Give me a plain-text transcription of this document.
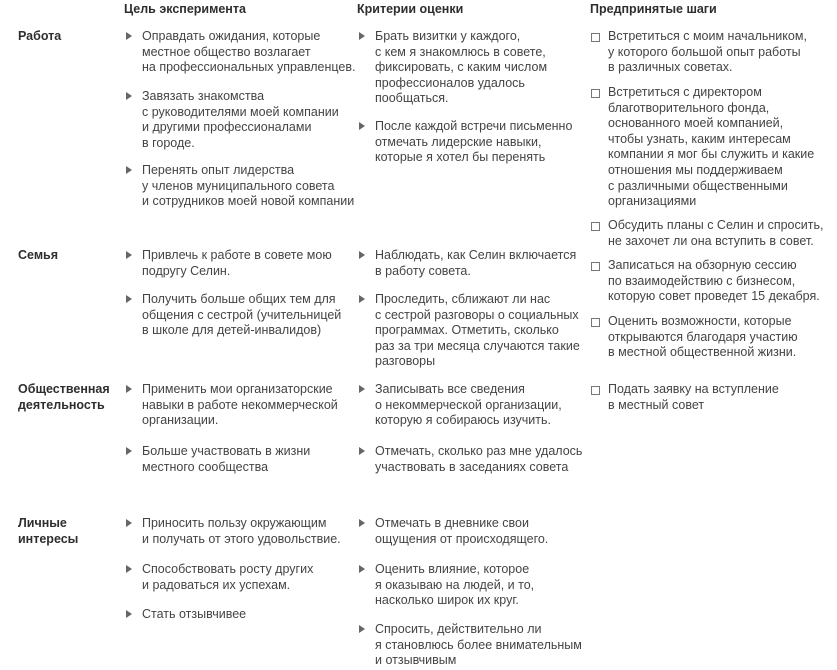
Цель эксперимента	Критерии оценки	Предпринятые шаги
Работа
Семья
Общественная
деятельность
Личные
интересы
Оправдать ожидания, которые
местное общество возлагает
на профессиональных управленцев.
Завязать знакомства
с руководителями моей компании
и другими профессионалами
в городе.
Перенять опыт лидерства
у членов муниципального совета
и сотрудников моей новой компании
Привлечь к работе в совете мою
подругу Селин.
Получить больше общих тем для
общения с сестрой (учительницей
в школе для детей-инвалидов)
Применить мои организаторские
навыки в работе некоммерческой
организации.
Больше участвовать в жизни
местного сообщества
Приносить пользу окружающим
и получать от этого удовольствие.
Способствовать росту других
и радоваться их успехам.
Стать отзывчивее
Брать визитки у каждого,
с кем я знакомлюсь в совете,
фиксировать, с каким числом
профессионалов удалось
пообщаться.
После каждой встречи письменно
отмечать лидерские навыки,
которые я хотел бы перенять
Наблюдать, как Селин включается
в работу совета.
Проследить, сближают ли нас
с сестрой разговоры о социальных
программах. Отметить, сколько
раз за три месяца случаются такие
разговоры
Записывать все сведения
о некоммерческой организации,
которую я собираюсь изучить.
Отмечать, сколько раз мне удалось
участвовать в заседаниях совета
Отмечать в дневнике свои
ощущения от происходящего.
Оценить влияние, которое
я оказываю на людей, и то,
насколько широк их круг.
Спросить, действительно ли
я становлюсь более внимательным
и отзывчивым
Встретиться с моим начальником,
у которого большой опыт работы
в различных советах.
Встретиться с директором
благотворительного фонда,
основанного моей компанией,
чтобы узнать, каким интересам
компании я мог бы служить и какие
отношения мы поддерживаем
с различными общественными
организациями
Обсудить планы с Селин и спросить,
не захочет ли она вступить в совет.
Записаться на обзорную сессию
по взаимодействию с бизнесом,
которую совет проведет 15 декабря.
Оценить возможности, которые
открываются благодаря участию
в местной общественной жизни.
Подать заявку на вступление
в местный совет
